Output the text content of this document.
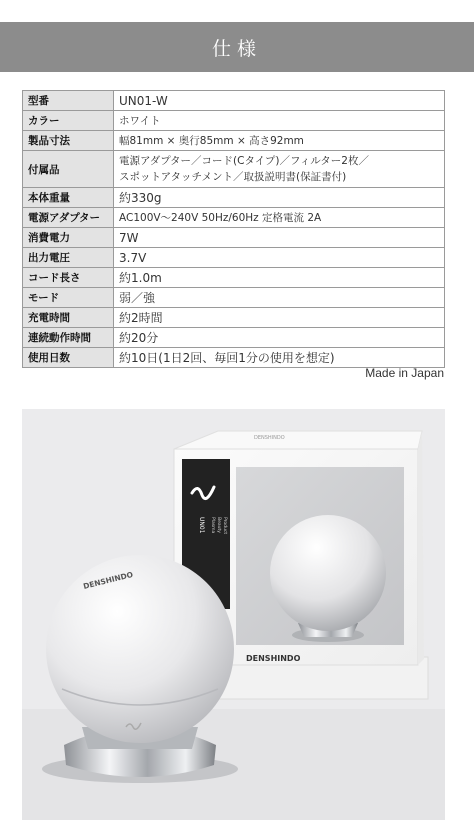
仕様
型番	UN01-W

カラー	ホワイト

製品寸法	幅81mm × 奥行85mm × 高さ92mm

付属品	電源アダプター／コード(Cタイプ)／フィルター2枚／
スポットアタッチメント／取扱説明書(保証書付)

本体重量	約330g

電源アダプター	AC100V～240V 50Hz/60Hz 定格電流 2A

消費電力	7W

出力電圧	3.7V

コード長さ	約1.0m

モード	弱／強

充電時間	約2時間

連続動作時間	約20分

使用日数	約10日(1日2回、毎回1分の使用を想定)
Made in Japan
DENSHINDO
DENSHINDO
UN01 Plasma Beauty Product
DENSHINDO
